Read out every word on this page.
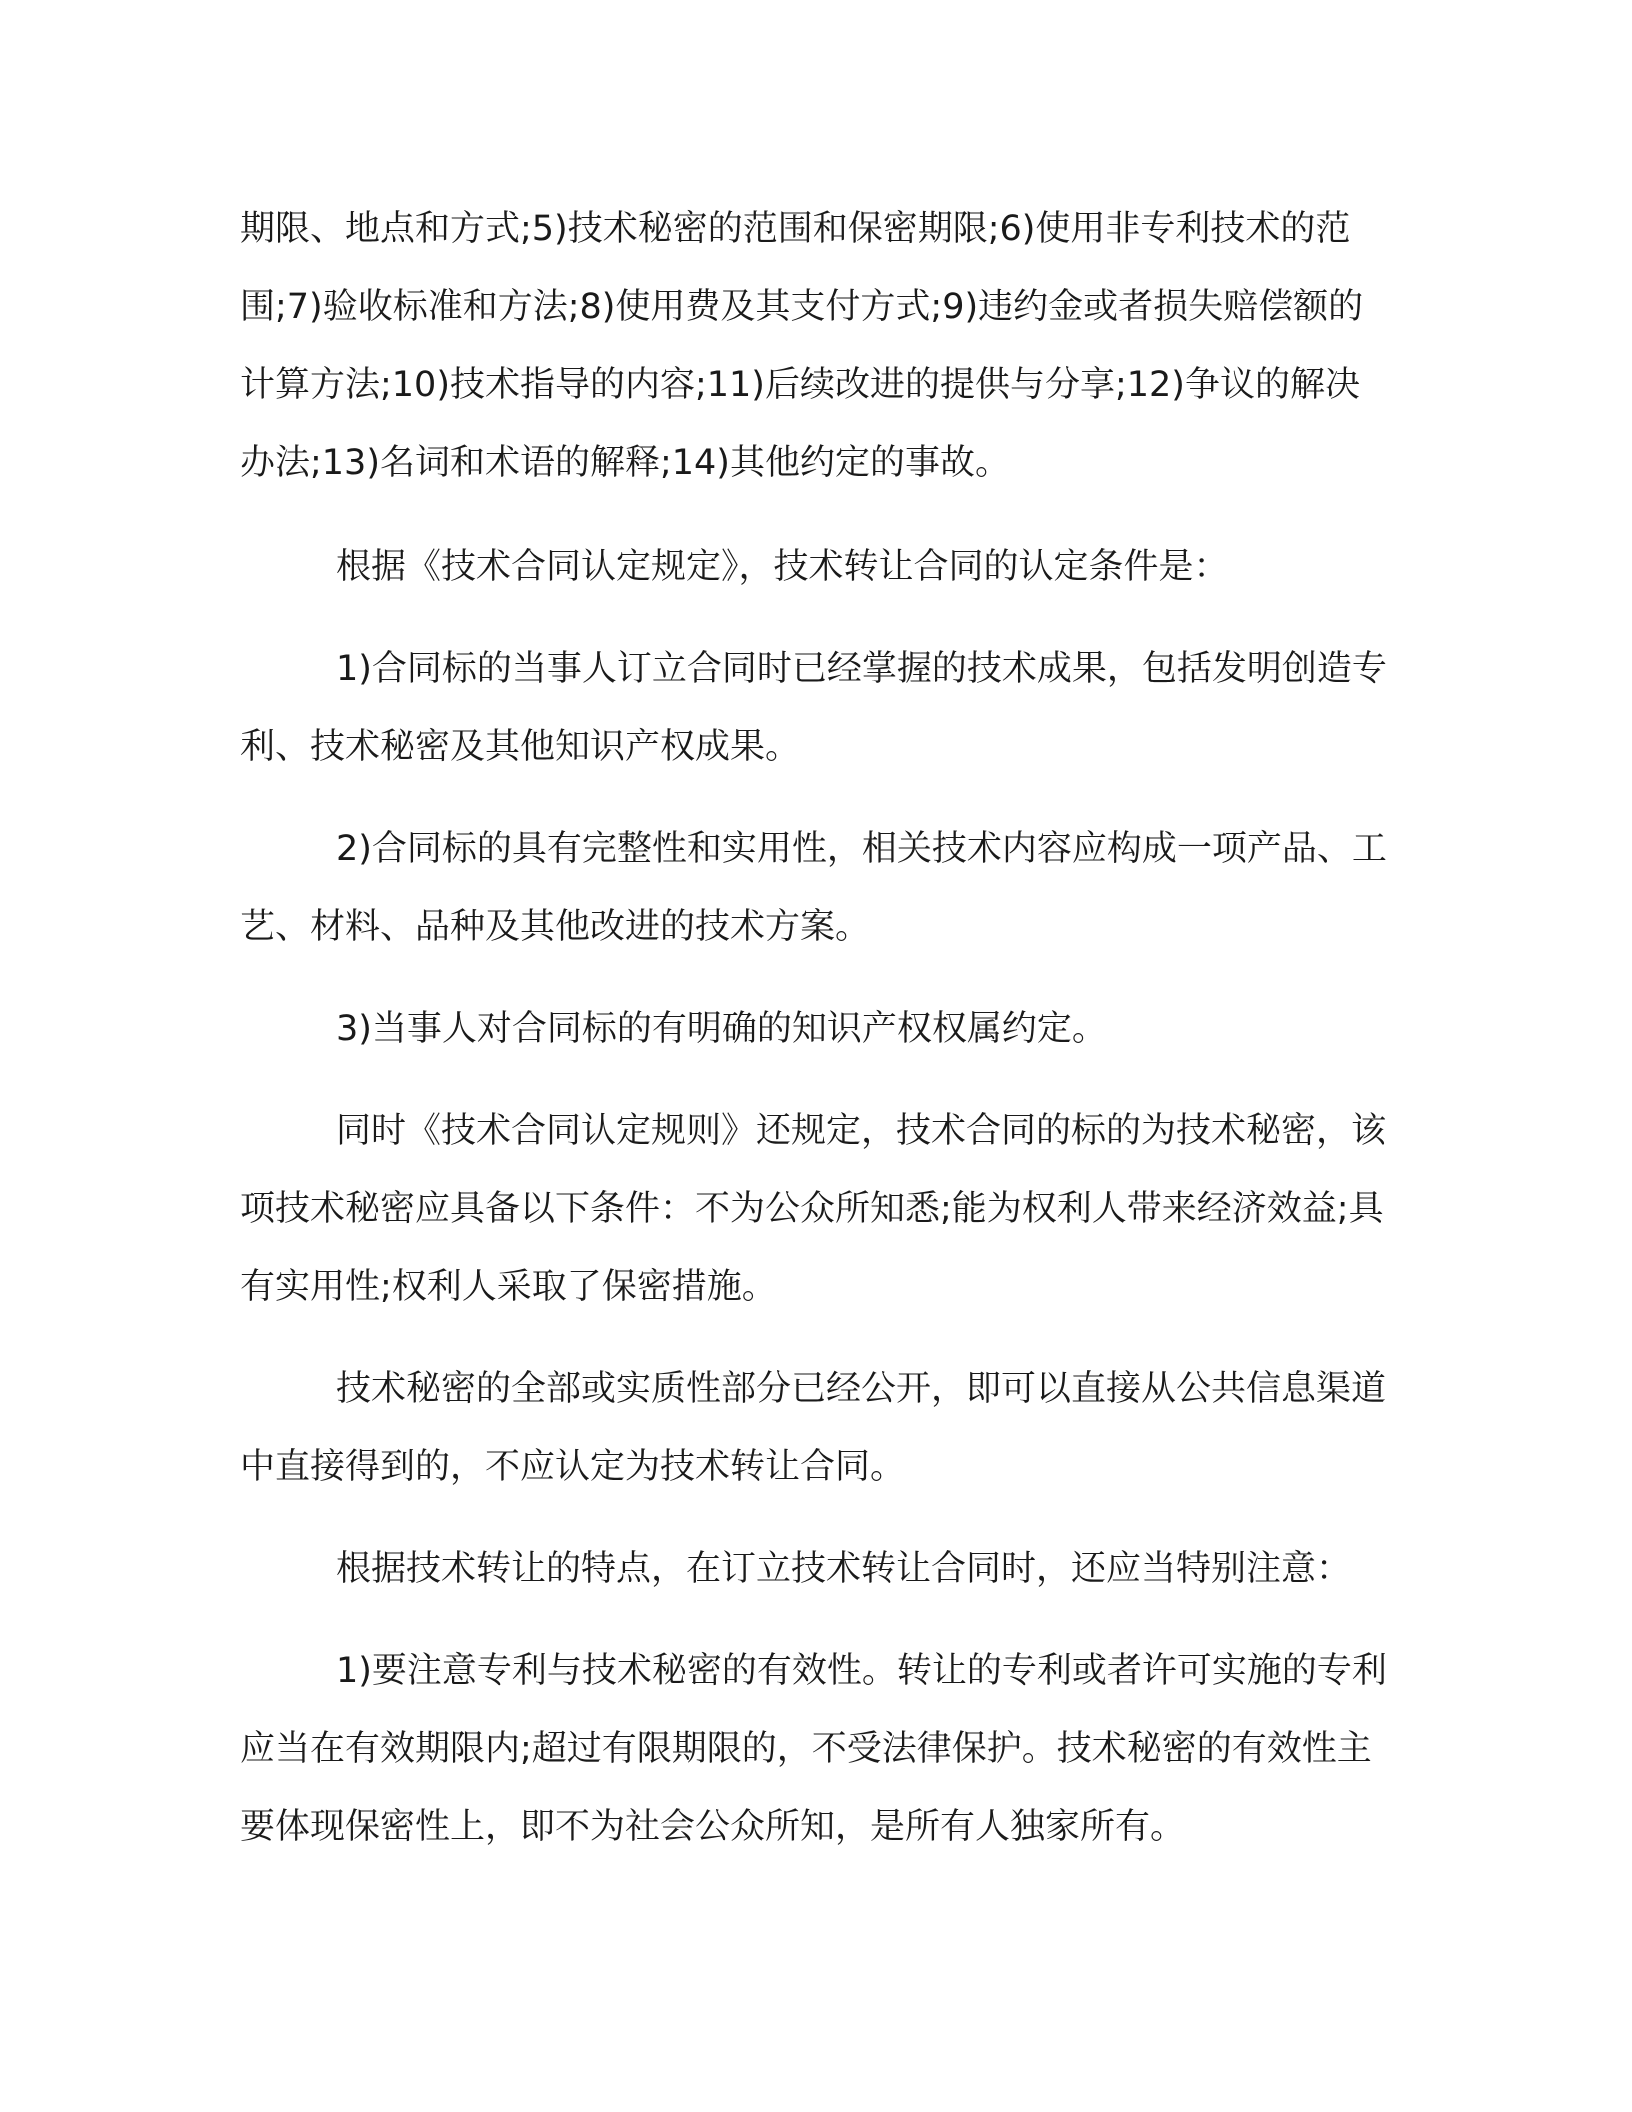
期限、地点和方式;5)技术秘密的范围和保密期限;6)使用非专利技术的范围;7)验收标准和方法;8)使用费及其支付方式;9)违约金或者损失赔偿额的计算方法;10)技术指导的内容;11)后续改进的提供与分享;12)争议的解决办法;13)名词和术语的解释;14)其他约定的事故。

根据《技术合同认定规定》，技术转让合同的认定条件是：

1)合同标的当事人订立合同时已经掌握的技术成果，包括发明创造专利、技术秘密及其他知识产权成果。

2)合同标的具有完整性和实用性，相关技术内容应构成一项产品、工艺、材料、品种及其他改进的技术方案。

3)当事人对合同标的有明确的知识产权权属约定。

同时《技术合同认定规则》还规定，技术合同的标的为技术秘密，该项技术秘密应具备以下条件：不为公众所知悉;能为权利人带来经济效益;具有实用性;权利人采取了保密措施。

技术秘密的全部或实质性部分已经公开，即可以直接从公共信息渠道中直接得到的，不应认定为技术转让合同。

根据技术转让的特点，在订立技术转让合同时，还应当特别注意：

1)要注意专利与技术秘密的有效性。转让的专利或者许可实施的专利应当在有效期限内;超过有限期限的，不受法律保护。技术秘密的有效性主要体现保密性上，即不为社会公众所知，是所有人独家所有。
